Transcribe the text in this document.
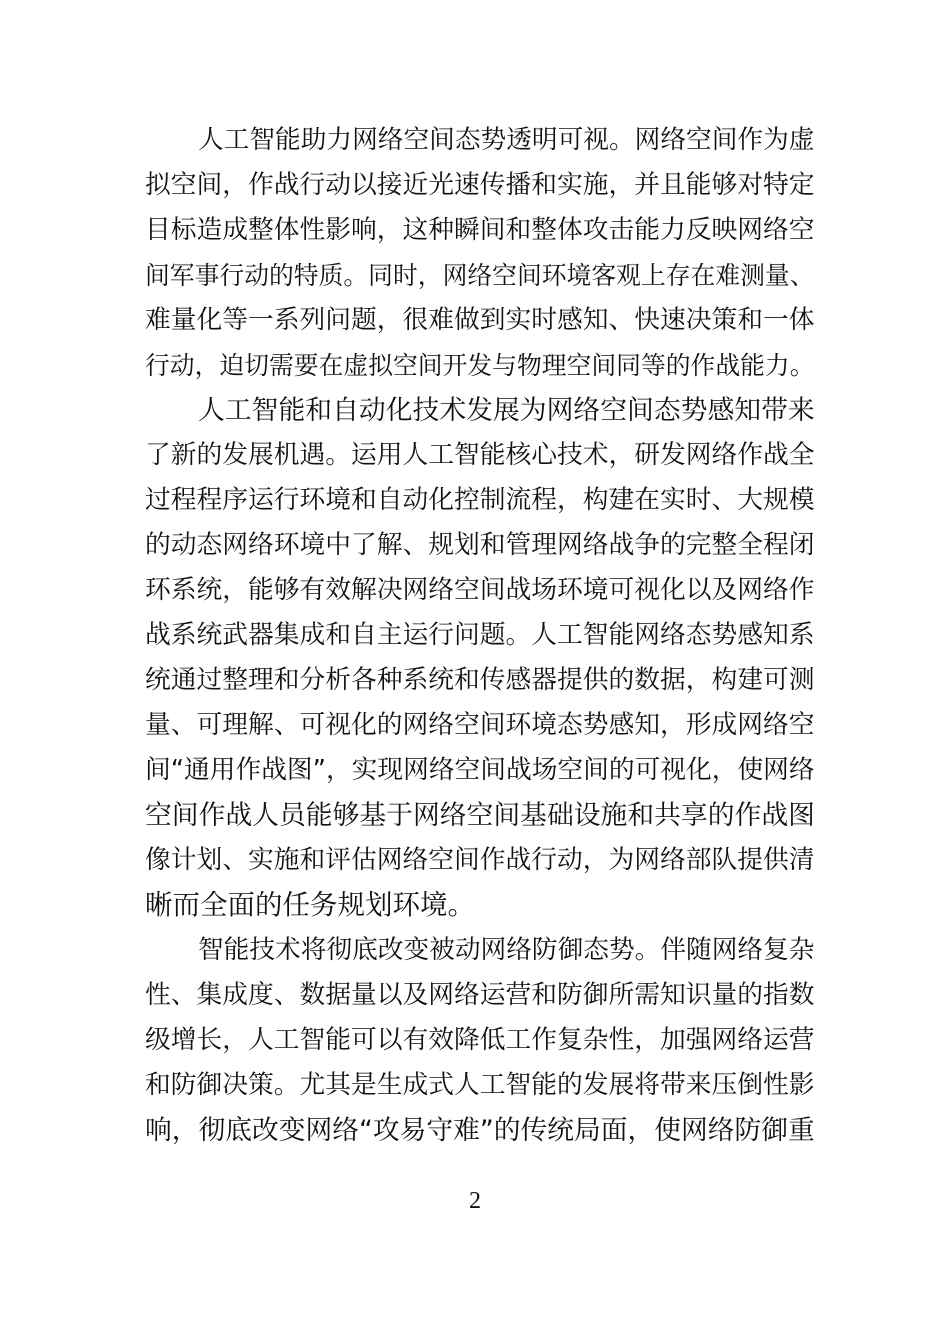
人工智能助力网络空间态势透明可视。网络空间作为虚
拟空间，作战行动以接近光速传播和实施，并且能够对特定
目标造成整体性影响，这种瞬间和整体攻击能力反映网络空
间军事行动的特质。同时，网络空间环境客观上存在难测量、
难量化等一系列问题，很难做到实时感知、快速决策和一体
行动，迫切需要在虚拟空间开发与物理空间同等的作战能力。
人工智能和自动化技术发展为网络空间态势感知带来
了新的发展机遇。运用人工智能核心技术，研发网络作战全
过程程序运行环境和自动化控制流程，构建在实时、大规模
的动态网络环境中了解、规划和管理网络战争的完整全程闭
环系统，能够有效解决网络空间战场环境可视化以及网络作
战系统武器集成和自主运行问题。人工智能网络态势感知系
统通过整理和分析各种系统和传感器提供的数据，构建可测
量、可理解、可视化的网络空间环境态势感知，形成网络空
间“通用作战图”，实现网络空间战场空间的可视化，使网络
空间作战人员能够基于网络空间基础设施和共享的作战图
像计划、实施和评估网络空间作战行动，为网络部队提供清
晰而全面的任务规划环境。
智能技术将彻底改变被动网络防御态势。伴随网络复杂
性、集成度、数据量以及网络运营和防御所需知识量的指数
级增长，人工智能可以有效降低工作复杂性，加强网络运营
和防御决策。尤其是生成式人工智能的发展将带来压倒性影
响，彻底改变网络“攻易守难”的传统局面，使网络防御重
2
